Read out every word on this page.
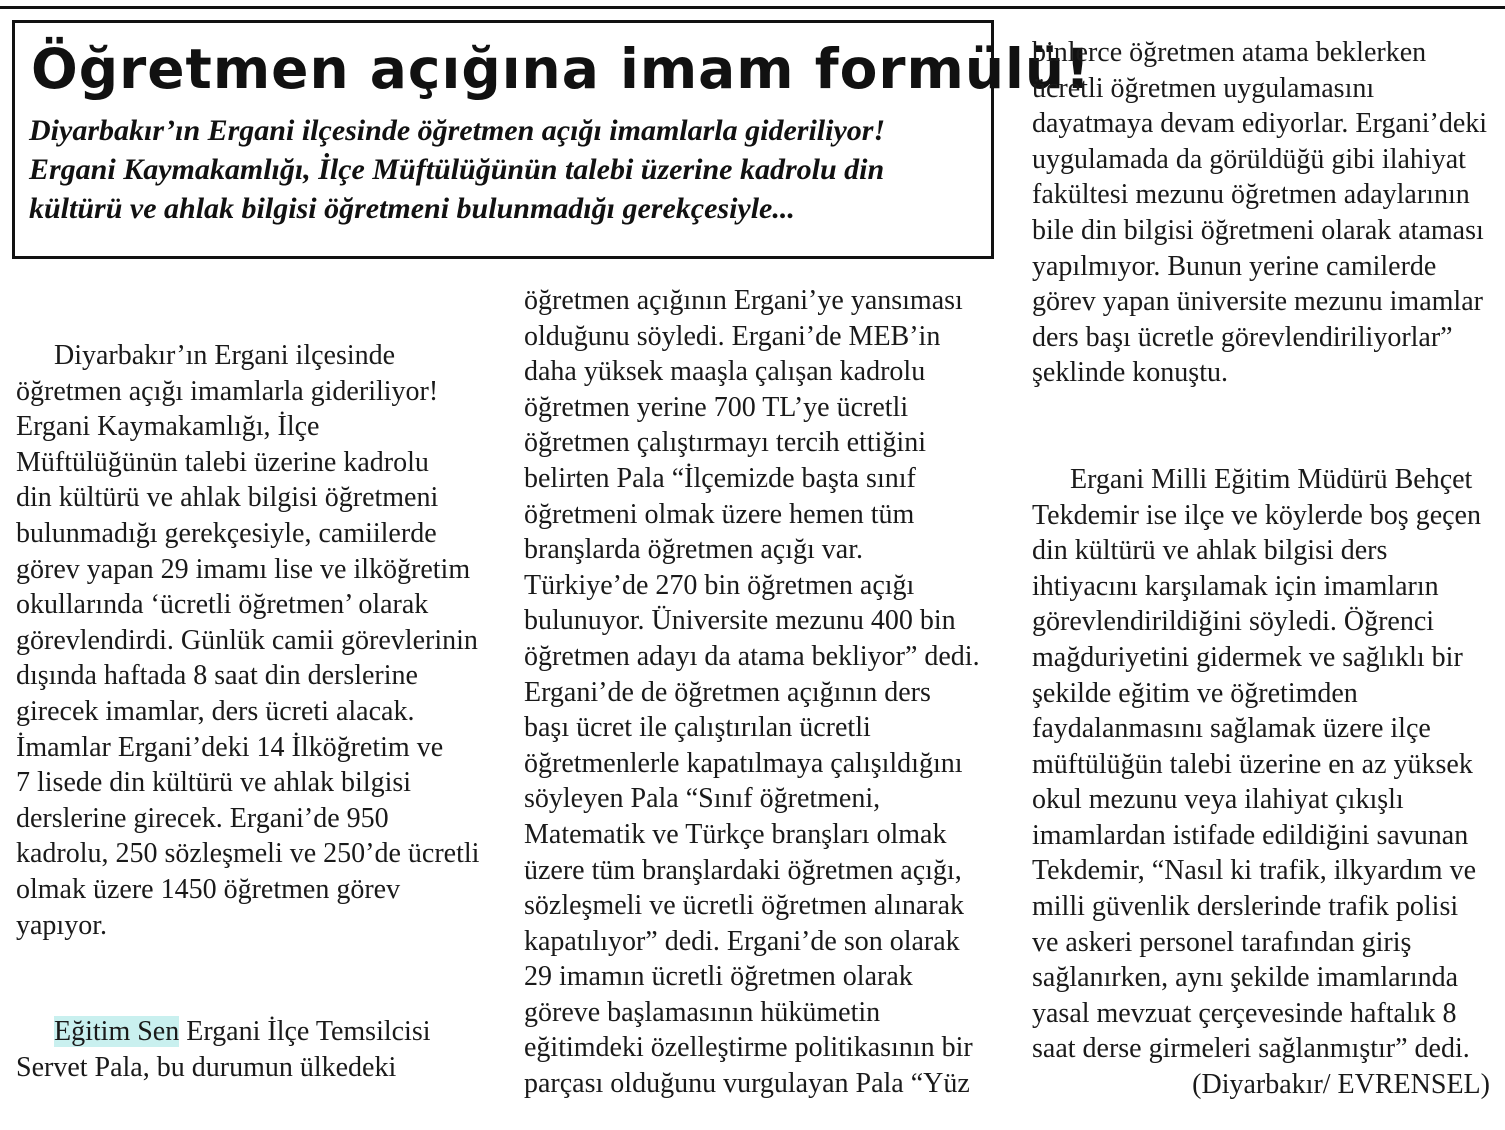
Öğretmen açığına imam formülü!
Diyarbakır’ın Ergani ilçesinde öğretmen açığı imamlarla gideriliyor!
Ergani Kaymakamlığı, İlçe Müftülüğünün talebi üzerine kadrolu din
kültürü ve ahlak bilgisi öğretmeni bulunmadığı gerekçesiyle...

Diyarbakır’ın Ergani ilçesinde
öğretmen açığı imamlarla gideriliyor!
Ergani Kaymakamlığı, İlçe
Müftülüğünün talebi üzerine kadrolu
din kültürü ve ahlak bilgisi öğretmeni
bulunmadığı gerekçesiyle, camiilerde
görev yapan 29 imamı lise ve ilköğretim
okullarında ‘ücretli öğretmen’ olarak
görevlendirdi. Günlük camii görevlerinin
dışında haftada 8 saat din derslerine
girecek imamlar, ders ücreti alacak.
İmamlar Ergani’deki 14 İlköğretim ve
7 lisede din kültürü ve ahlak bilgisi
derslerine girecek. Ergani’de 950
kadrolu, 250 sözleşmeli ve 250’de ücretli
olmak üzere 1450 öğretmen görev
yapıyor.

Eğitim Sen Ergani İlçe Temsilcisi
Servet Pala, bu durumun ülkedeki

öğretmen açığının Ergani’ye yansıması
olduğunu söyledi. Ergani’de MEB’in
daha yüksek maaşla çalışan kadrolu
öğretmen yerine 700 TL’ye ücretli
öğretmen çalıştırmayı tercih ettiğini
belirten Pala “İlçemizde başta sınıf
öğretmeni olmak üzere hemen tüm
branşlarda öğretmen açığı var.
Türkiye’de 270 bin öğretmen açığı
bulunuyor. Üniversite mezunu 400 bin
öğretmen adayı da atama bekliyor” dedi.
Ergani’de de öğretmen açığının ders
başı ücret ile çalıştırılan ücretli
öğretmenlerle kapatılmaya çalışıldığını
söyleyen Pala “Sınıf öğretmeni,
Matematik ve Türkçe branşları olmak
üzere tüm branşlardaki öğretmen açığı,
sözleşmeli ve ücretli öğretmen alınarak
kapatılıyor” dedi. Ergani’de son olarak
29 imamın ücretli öğretmen olarak
göreve başlamasının hükümetin
eğitimdeki özelleştirme politikasının bir
parçası olduğunu vurgulayan Pala “Yüz

binlerce öğretmen atama beklerken
ücretli öğretmen uygulamasını
dayatmaya devam ediyorlar. Ergani’deki
uygulamada da görüldüğü gibi ilahiyat
fakültesi mezunu öğretmen adaylarının
bile din bilgisi öğretmeni olarak ataması
yapılmıyor. Bunun yerine camilerde
görev yapan üniversite mezunu imamlar
ders başı ücretle görevlendiriliyorlar”
şeklinde konuştu.

Ergani Milli Eğitim Müdürü Behçet
Tekdemir ise ilçe ve köylerde boş geçen
din kültürü ve ahlak bilgisi ders
ihtiyacını karşılamak için imamların
görevlendirildiğini söyledi. Öğrenci
mağduriyetini gidermek ve sağlıklı bir
şekilde eğitim ve öğretimden
faydalanmasını sağlamak üzere ilçe
müftülüğün talebi üzerine en az yüksek
okul mezunu veya ilahiyat çıkışlı
imamlardan istifade edildiğini savunan
Tekdemir, “Nasıl ki trafik, ilkyardım ve
milli güvenlik derslerinde trafik polisi
ve askeri personel tarafından giriş
sağlanırken, aynı şekilde imamlarında
yasal mevzuat çerçevesinde haftalık 8
saat derse girmeleri sağlanmıştır” dedi.

(Diyarbakır/ EVRENSEL)
